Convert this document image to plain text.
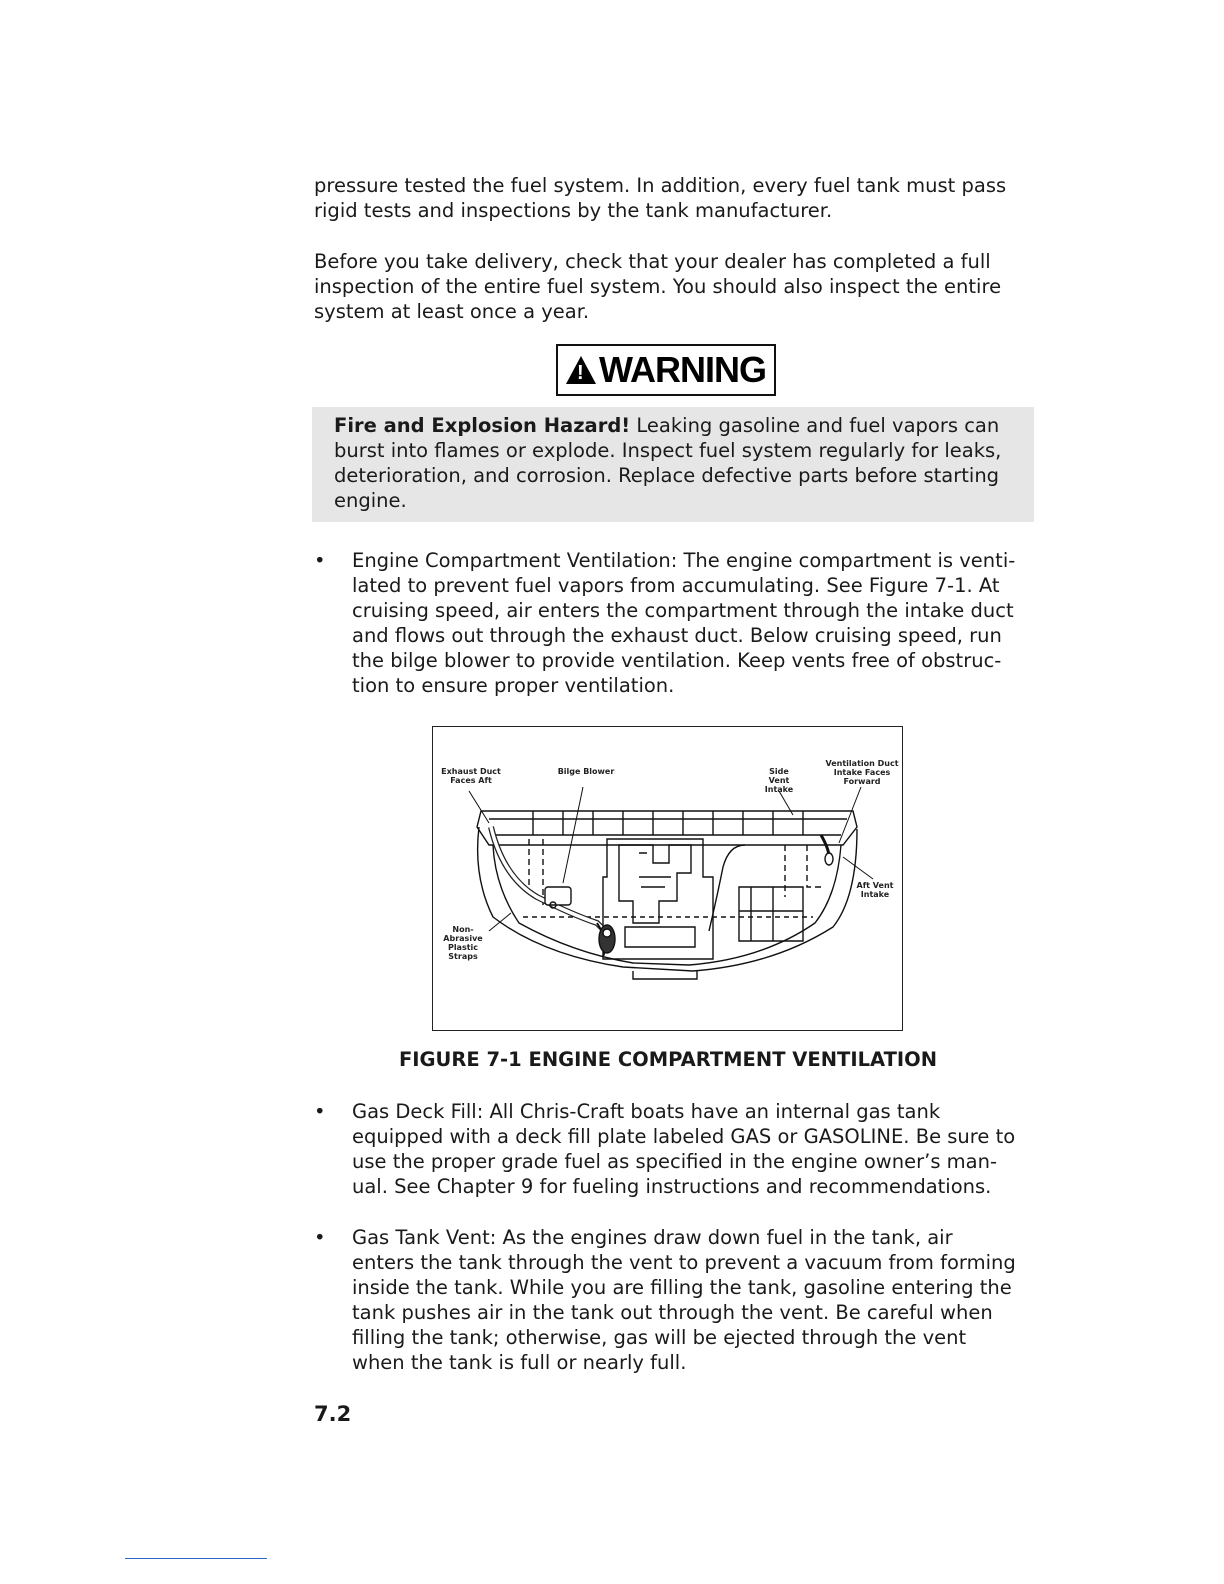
pressure tested the fuel system. In addition, every fuel tank must pass rigid tests and inspections by the tank manufacturer.

Before you take delivery, check that your dealer has completed a full inspection of the entire fuel system. You should also inspect the entire system at least once a year.

!
WARNING

Fire and Explosion Hazard! Leaking gasoline and fuel vapors can burst into flames or explode. Inspect fuel system regularly for leaks, deterioration, and corrosion. Replace defective parts before starting engine.

• Engine Compartment Ventilation: The engine compartment is venti-lated to prevent fuel vapors from accumulating. See Figure 7-1. At cruising speed, air enters the compartment through the intake duct and flows out through the exhaust duct. Below cruising speed, run the bilge blower to provide ventilation. Keep vents free of obstruc-tion to ensure proper ventilation.

Exhaust Duct Faces Aft
Bilge Blower	Side Vent Intake
Ventilation Duct Intake Faces Forward
Aft Vent Intake
Non-Abrasive Plastic Straps
FIGURE 7-1 ENGINE COMPARTMENT VENTILATION
• Gas Deck Fill: All Chris-Craft boats have an internal gas tank equipped with a deck fill plate labeled GAS or GASOLINE. Be sure to use the proper grade fuel as specified in the engine owner’s man-ual. See Chapter 9 for fueling instructions and recommendations.

• Gas Tank Vent: As the engines draw down fuel in the tank, air enters the tank through the vent to prevent a vacuum from forming inside the tank. While you are filling the tank, gasoline entering the tank pushes air in the tank out through the vent. Be careful when filling the tank; otherwise, gas will be ejected through the vent when the tank is full or nearly full.

7.2
